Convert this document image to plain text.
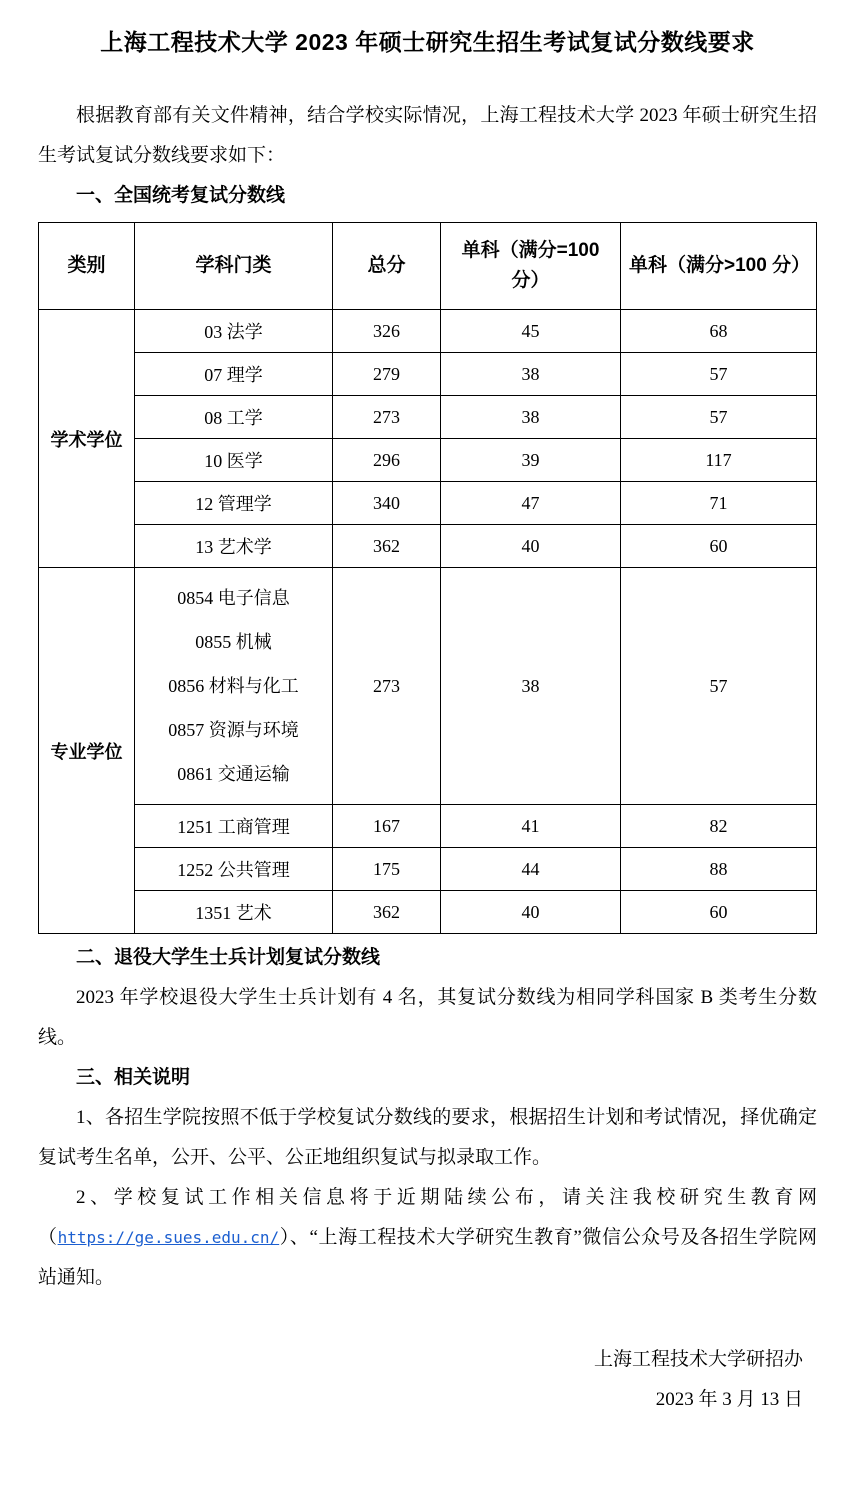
上海工程技术大学 2023 年硕士研究生招生考试复试分数线要求

根据教育部有关文件精神，结合学校实际情况，上海工程技术大学 2023 年硕士研究生招生考试复试分数线要求如下：

一、全国统考复试分数线

类别	学科门类	总分	单科（满分=100 分）	单科（满分>100 分）
学术学位	03 法学	326	45	68
	07 理学	279	38	57
	08 工学	273	38	57
	10 医学	296	39	117
	12 管理学	340	47	71
	13 艺术学	362	40	60
专业学位	0854 电子信息
0855 机械
0856 材料与化工
0857 资源与环境
0861 交通运输	273	38	57
	1251 工商管理	167	41	82
	1252 公共管理	175	44	88
	1351 艺术	362	40	60

二、退役大学生士兵计划复试分数线

2023 年学校退役大学生士兵计划有 4 名，其复试分数线为相同学科国家 B 类考生分数线。

三、相关说明

1、各招生学院按照不低于学校复试分数线的要求，根据招生计划和考试情况，择优确定复试考生名单，公开、公平、公正地组织复试与拟录取工作。

2、学校复试工作相关信息将于近期陆续公布，请关注我校研究生教育网（https://ge.sues.edu.cn/）、“上海工程技术大学研究生教育”微信公众号及各招生学院网站通知。

上海工程技术大学研招办
2023 年 3 月 13 日
